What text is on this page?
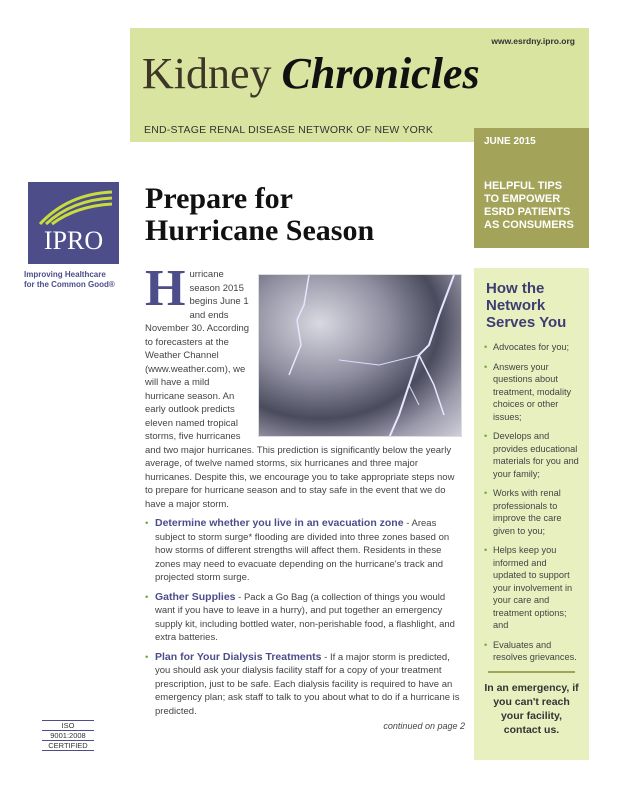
www.esrdny.ipro.org
Kidney Chronicles
END-STAGE RENAL DISEASE NETWORK OF NEW YORK
JUNE 2015
HELPFUL TIPS
TO EMPOWER
ESRD PATIENTS
AS CONSUMERS
IPRO
Improving Healthcare
for the Common Good®
Prepare for
Hurricane Season
H urricane season 2015 begins June 1 and ends November 30. According to forecasters at the Weather Channel (www.weather.com), we will have a mild hurricane season. An early outlook predicts eleven named tropical storms, five hurricanes and two major hurricanes. This prediction is significantly below the yearly average, of twelve named storms, six hurricanes and three major hurricanes. Despite this, we encourage you to take appropriate steps now to prepare for hurricane season and to stay safe in the event that we do have a major storm.
• Determine whether you live in an evacuation zone - Areas subject to storm surge* flooding are divided into three zones based on how storms of different strengths will affect them. Residents in these zones may need to evacuate depending on the hurricane's track and projected storm surge.
• Gather Supplies - Pack a Go Bag (a collection of things you would want if you have to leave in a hurry), and put together an emergency supply kit, including bottled water, non-perishable food, a flashlight, and extra batteries.
• Plan for Your Dialysis Treatments - If a major storm is predicted, you should ask your dialysis facility staff for a copy of your treatment prescription, just to be safe. Each dialysis facility is required to have an emergency plan; ask staff to talk to you about what to do if a hurricane is predicted.
continued on page 2
How the Network Serves You
• Advocates for you;
• Answers your questions about treatment, modality choices or other issues;
• Develops and provides educational materials for you and your family;
• Works with renal professionals to improve the care given to you;
• Helps keep you informed and updated to support your involvement in your care and treatment options; and
• Evaluates and resolves grievances.
In an emergency, if you can't reach your facility, contact us.
ISO
9001:2008
CERTIFIED
